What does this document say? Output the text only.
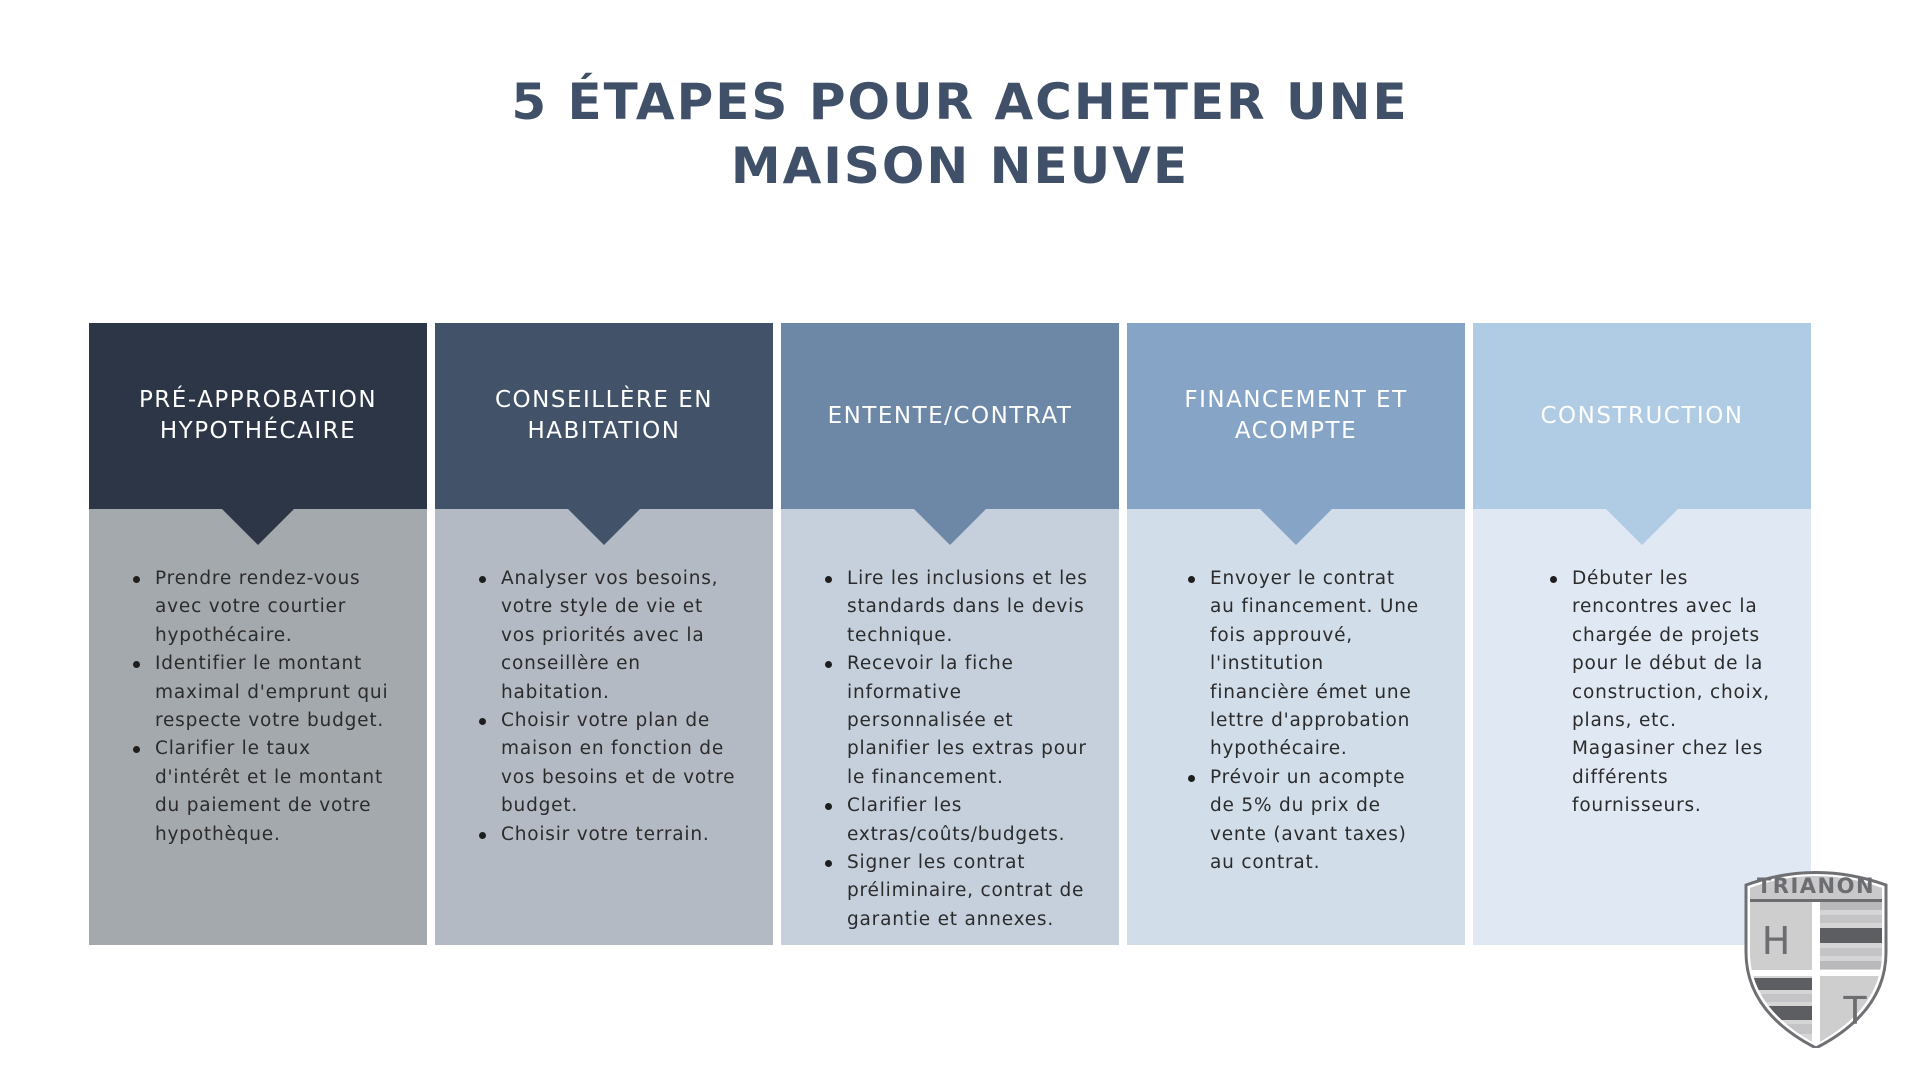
5 ÉTAPES POUR ACHETER UNE
MAISON NEUVE
PRÉ-APPROBATION
HYPOTHÉCAIRE
Prendre rendez-vous avec votre courtier hypothécaire.
Identifier le montant maximal d'emprunt qui respecte votre budget.
Clarifier le taux d'intérêt et le montant du paiement de votre hypothèque.
CONSEILLÈRE EN
HABITATION
Analyser vos besoins, votre style de vie et vos priorités avec la conseillère en habitation.
Choisir votre plan de maison en fonction de vos besoins et de votre budget.
Choisir votre terrain.
ENTENTE/CONTRAT
Lire les inclusions et les standards dans le devis technique.
Recevoir la fiche informative personnalisée et planifier les extras pour le financement.
Clarifier les extras/coûts/budgets.
Signer les contrat préliminaire, contrat de garantie et annexes.
FINANCEMENT ET
ACOMPTE
Envoyer le contrat au financement. Une fois approuvé, l'institution financière émet une lettre d'approbation hypothécaire.
Prévoir un acompte de 5% du prix de vente (avant taxes) au contrat.
CONSTRUCTION
Débuter les rencontres avec la chargée de projets pour le début de la construction, choix, plans, etc. Magasiner chez les différents fournisseurs.
TRIANON
H
T
